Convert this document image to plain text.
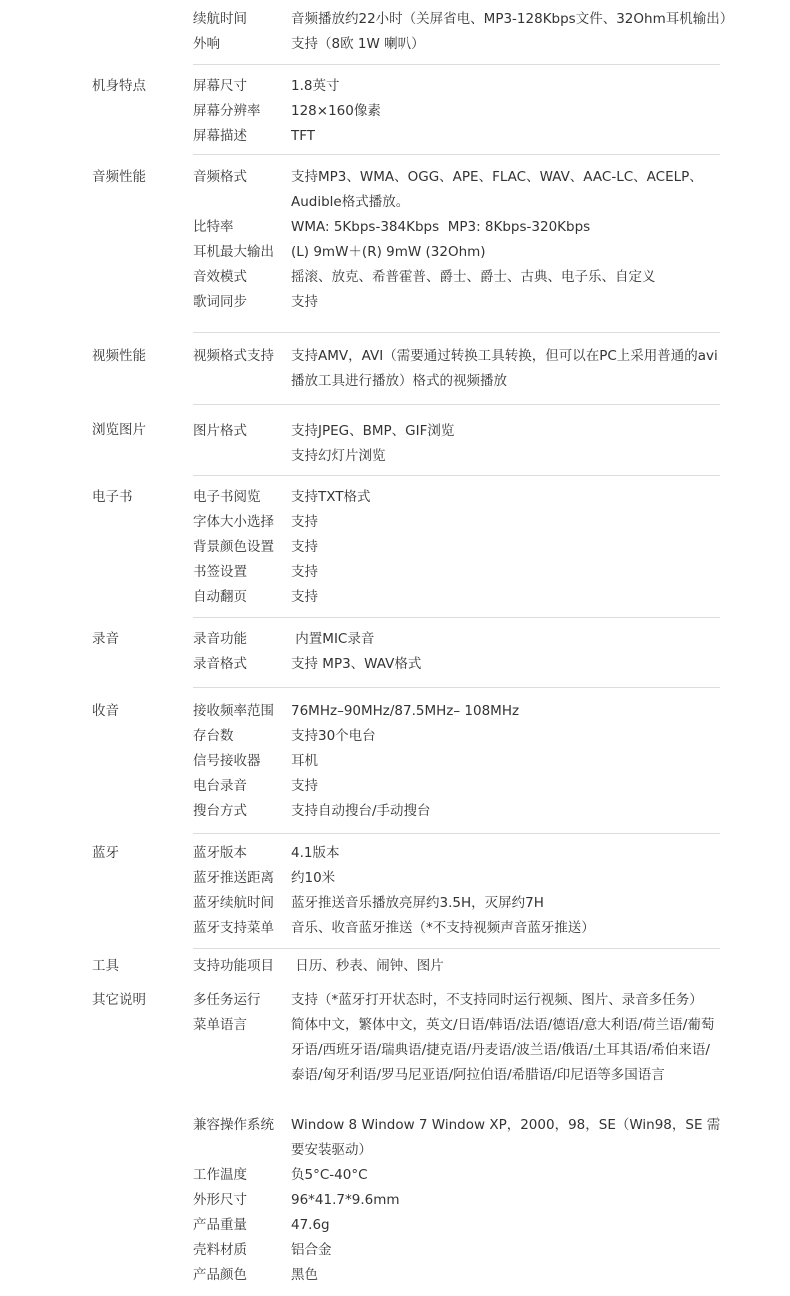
续航时间	音频播放约22小时（关屏省电、MP3-128Kbps文件、32Ohm耳机输出）
外响	支持（8欧 1W 喇叭）
机身特点	屏幕尺寸	1.8英寸
屏幕分辨率 128×160像素
屏幕描述	TFT
音频性能	音频格式	支持MP3、WMA、OGG、APE、FLAC、WAV、AAC-LC、ACELP、Audible格式播放。
比特率	WMA: 5Kbps-384Kbps  MP3: 8Kbps-320Kbps
耳机最大输出 (L) 9mW＋(R) 9mW (32Ohm)
音效模式	摇滚、放克、希普霍普、爵士、爵士、古典、电子乐、自定义
歌词同步	支持
视频性能	视频格式支持 支持AMV，AVI（需要通过转换工具转换，但可以在PC上采用普通的avi播放工具进行播放）格式的视频播放
浏览图片	图片格式	支持JPEG、BMP、GIF浏览
支持幻灯片浏览
电子书	电子书阅览 支持TXT格式
字体大小选择 支持
背景颜色设置 支持
书签设置	支持
自动翻页	支持
录音	录音功能	内置MIC录音
录音格式	支持 MP3、WAV格式
收音	接收频率范围 76MHz–90MHz/87.5MHz– 108MHz
存台数	支持30个电台
信号接收器 耳机
电台录音	支持
搜台方式	支持自动搜台/手动搜台
蓝牙	蓝牙版本	4.1版本
蓝牙推送距离 约10米
蓝牙续航时间 蓝牙推送音乐播放亮屏约3.5H，灭屏约7H
蓝牙支持菜单 音乐、收音蓝牙推送（*不支持视频声音蓝牙推送）
工具	支持功能项目 日历、秒表、闹钟、图片
其它说明	多任务运行 支持（*蓝牙打开状态时，不支持同时运行视频、图片、录音多任务）
菜单语言	简体中文，繁体中文，英文/日语/韩语/法语/德语/意大利语/荷兰语/葡萄牙语/西班牙语/瑞典语/捷克语/丹麦语/波兰语/俄语/土耳其语/希伯来语/泰语/匈牙利语/罗马尼亚语/阿拉伯语/希腊语/印尼语等多国语言
兼容操作系统 Window 8 Window 7 Window XP，2000，98，SE（Win98，SE 需要安装驱动）
工作温度	负5°C-40°C
外形尺寸	96*41.7*9.6mm
产品重量	47.6g
壳料材质	铝合金
产品颜色	黑色
